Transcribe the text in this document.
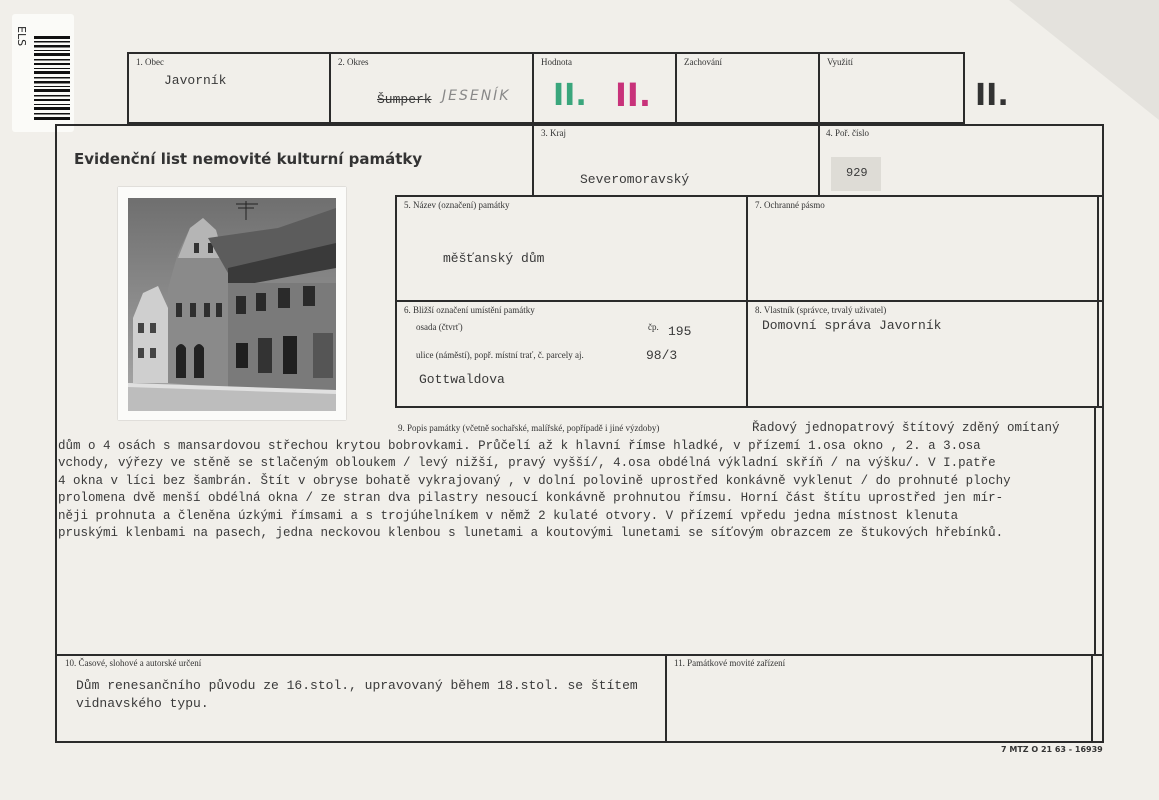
ELS
1. Obec
Javorník
2. Okres
Šumperk JESENÍK
Hodnota
II. II.
Zachování	Využití
II.
Evidenční list nemovité kulturní památky
3. Kraj
Severomoravský
4. Poř. číslo
929
5. Název (označení) památky
měšťanský dům
7. Ochranné pásmo
6. Bližší označení umístění památky
osada (čtvrť)	čp. 195
ulice (náměstí), popř. místní trať, č. parcely aj.	98/3
Gottwaldova
8. Vlastník (správce, trvalý uživatel)
Domovní správa Javorník
9. Popis památky (včetně sochařské, malířské, popřípadě i jiné výzdoby)	Řadový jednopatrový štítový zděný omítaný
dům o 4 osách s mansardovou střechou krytou bobrovkami. Průčelí až k hlavní římse hladké, v přízemí 1.osa okno , 2. a 3.osa
vchody, výřezy ve stěně se stlačeným obloukem / levý nižší, pravý vyšší/, 4.osa obdélná výkladní skříň / na výšku/. V I.patře
4 okna v líci bez šambrán. Štít v obryse bohatě vykrajovaný , v dolní polovině uprostřed konkávně vyklenut / do prohnuté plochy
prolomena dvě menší obdélná okna / ze stran dva pilastry nesoucí konkávně prohnutou římsu. Horní část štítu uprostřed jen mír-
něji prohnuta a členěna úzkými římsami a s trojúhelníkem v němž 2 kulaté otvory. V přízemí vpředu jedna místnost klenuta
pruskými klenbami na pasech, jedna neckovou klenbou s lunetami a koutovými lunetami se síťovým obrazcem ze štukových hřebínků.
10. Časové, slohové a autorské určení
Dům renesančního původu ze 16.stol., upravovaný během 18.stol. se štítem
vidnavského typu.
11. Památkové movité zařízení
7 MTZ O 21 63 - 16939
